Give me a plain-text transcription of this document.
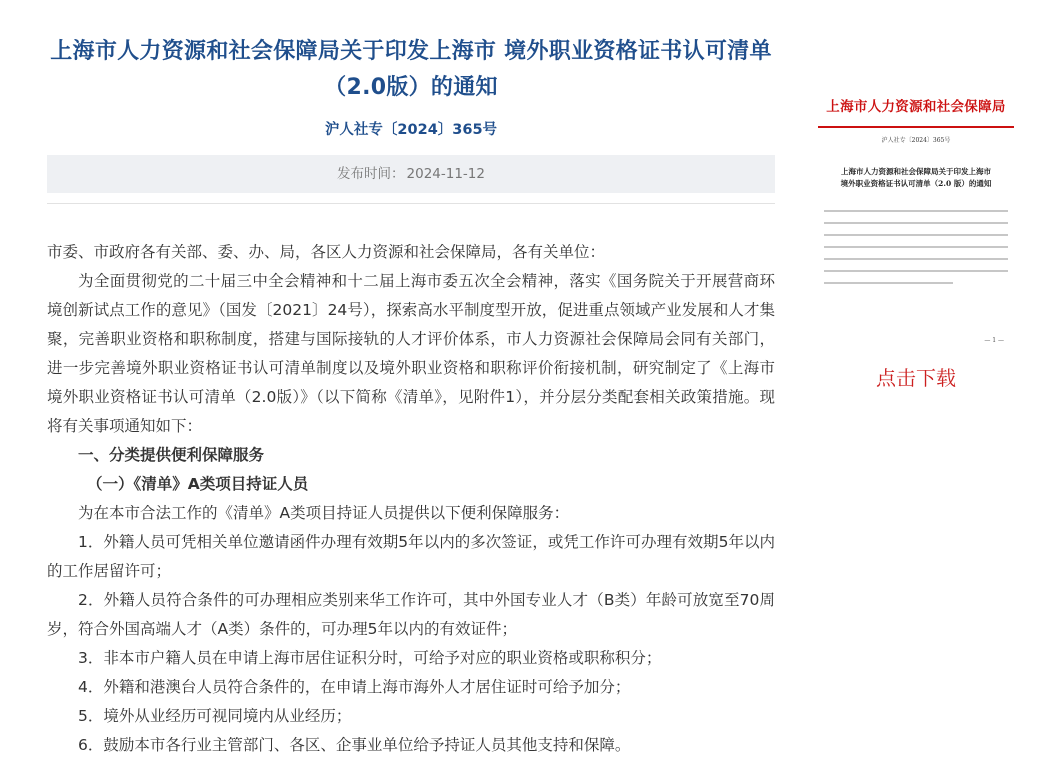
上海市人力资源和社会保障局关于印发上海市 境外职业资格证书认可清单（2.0版）的通知
沪人社专〔2024〕365号
发布时间： 2024-11-12

市委、市政府各有关部、委、办、局，各区人力资源和社会保障局，各有关单位：

为全面贯彻党的二十届三中全会精神和十二届上海市委五次全会精神，落实《国务院关于开展营商环境创新试点工作的意见》（国发〔2021〕24号），探索高水平制度型开放，促进重点领域产业发展和人才集聚，完善职业资格和职称制度，搭建与国际接轨的人才评价体系，市人力资源社会保障局会同有关部门，进一步完善境外职业资格证书认可清单制度以及境外职业资格和职称评价衔接机制，研究制定了《上海市境外职业资格证书认可清单（2.0版）》（以下简称《清单》，见附件1），并分层分类配套相关政策措施。现将有关事项通知如下：

一、分类提供便利保障服务

（一）《清单》A类项目持证人员

为在本市合法工作的《清单》A类项目持证人员提供以下便利保障服务：

1．外籍人员可凭相关单位邀请函件办理有效期5年以内的多次签证，或凭工作许可办理有效期5年以内的工作居留许可；

2．外籍人员符合条件的可办理相应类别来华工作许可，其中外国专业人才（B类）年龄可放宽至70周岁，符合外国高端人才（A类）条件的，可办理5年以内的有效证件；

3．非本市户籍人员在申请上海市居住证积分时，可给予对应的职业资格或职称积分；

4．外籍和港澳台人员符合条件的，在申请上海市海外人才居住证时可给予加分；

5．境外从业经历可视同境内从业经历；

6．鼓励本市各行业主管部门、各区、企事业单位给予持证人员其他支持和保障。

上海市人力资源和社会保障局
沪人社专〔2024〕365号
上海市人力资源和社会保障局关于印发上海市
境外职业资格证书认可清单（2.0 版）的通知
— 1 —
点击下载
